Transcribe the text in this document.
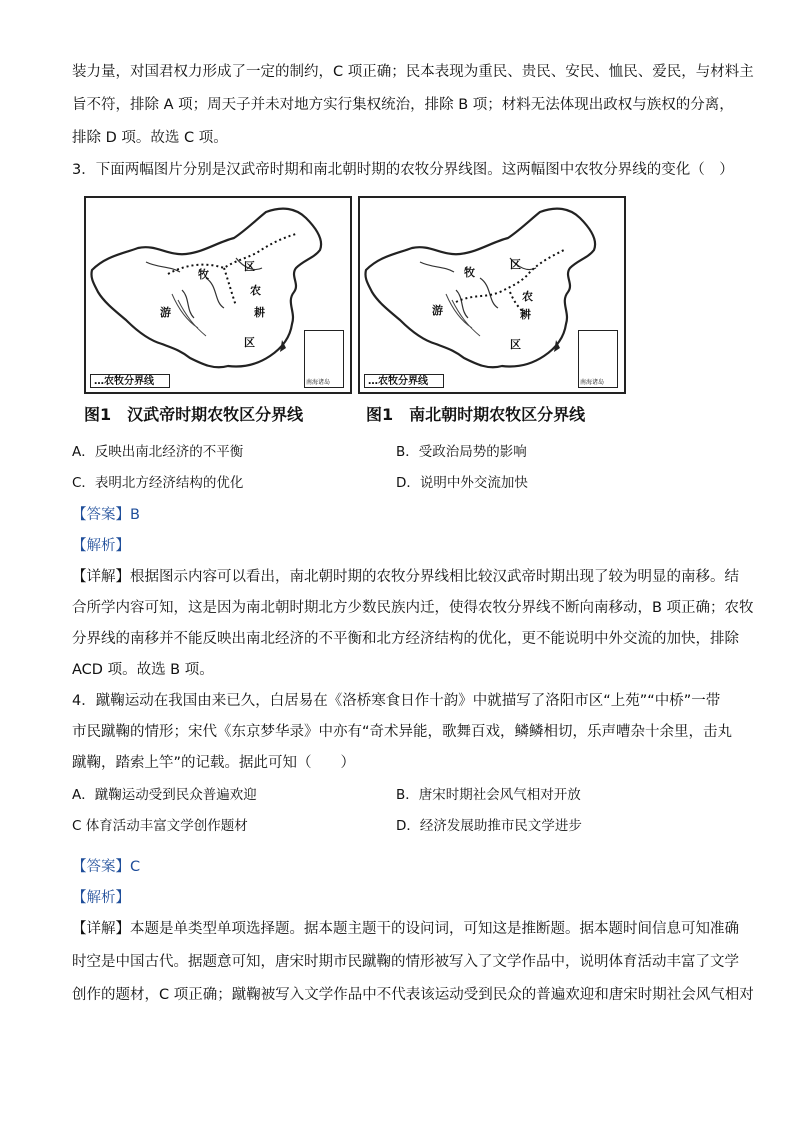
装力量，对国君权力形成了一定的制约，C 项正确；民本表现为重民、贵民、安民、恤民、爱民，与材料主
旨不符，排除 A 项；周天子并未对地方实行集权统治，排除 B 项；材料无法体现出政权与族权的分离，
排除 D 项。故选 C 项。
3．下面两幅图片分别是汉武帝时期和南北朝时期的农牧分界线图。这两幅图中农牧分界线的变化（　）
牧
区
游
农
耕
区
…农牧分界线	南海诸岛
牧
区
游
农
耕
区
…农牧分界线	南海诸岛
图1　汉武帝时期农牧区分界线	图1　南北朝时期农牧区分界线
A．反映出南北经济的不平衡	B．受政治局势的影响
C．表明北方经济结构的优化	D．说明中外交流加快
【答案】B
【解析】
【详解】根据图示内容可以看出，南北朝时期的农牧分界线相比较汉武帝时期出现了较为明显的南移。结
合所学内容可知，这是因为南北朝时期北方少数民族内迁，使得农牧分界线不断向南移动，B 项正确；农牧
分界线的南移并不能反映出南北经济的不平衡和北方经济结构的优化，更不能说明中外交流的加快，排除
ACD 项。故选 B 项。
4．蹴鞠运动在我国由来已久，白居易在《洛桥寒食日作十韵》中就描写了洛阳市区“上苑”“中桥”一带
市民蹴鞠的情形；宋代《东京梦华录》中亦有“奇术异能，歌舞百戏，鳞鳞相切，乐声嘈杂十余里，击丸
蹴鞠，踏索上竿”的记载。据此可知（　　）
A．蹴鞠运动受到民众普遍欢迎	B．唐宋时期社会风气相对开放
C 体育活动丰富文学创作题材	D．经济发展助推市民文学进步
【答案】C
【解析】
【详解】本题是单类型单项选择题。据本题主题干的设问词，可知这是推断题。据本题时间信息可知准确
时空是中国古代。据题意可知，唐宋时期市民蹴鞠的情形被写入了文学作品中，说明体育活动丰富了文学
创作的题材，C 项正确；蹴鞠被写入文学作品中不代表该运动受到民众的普遍欢迎和唐宋时期社会风气相对
